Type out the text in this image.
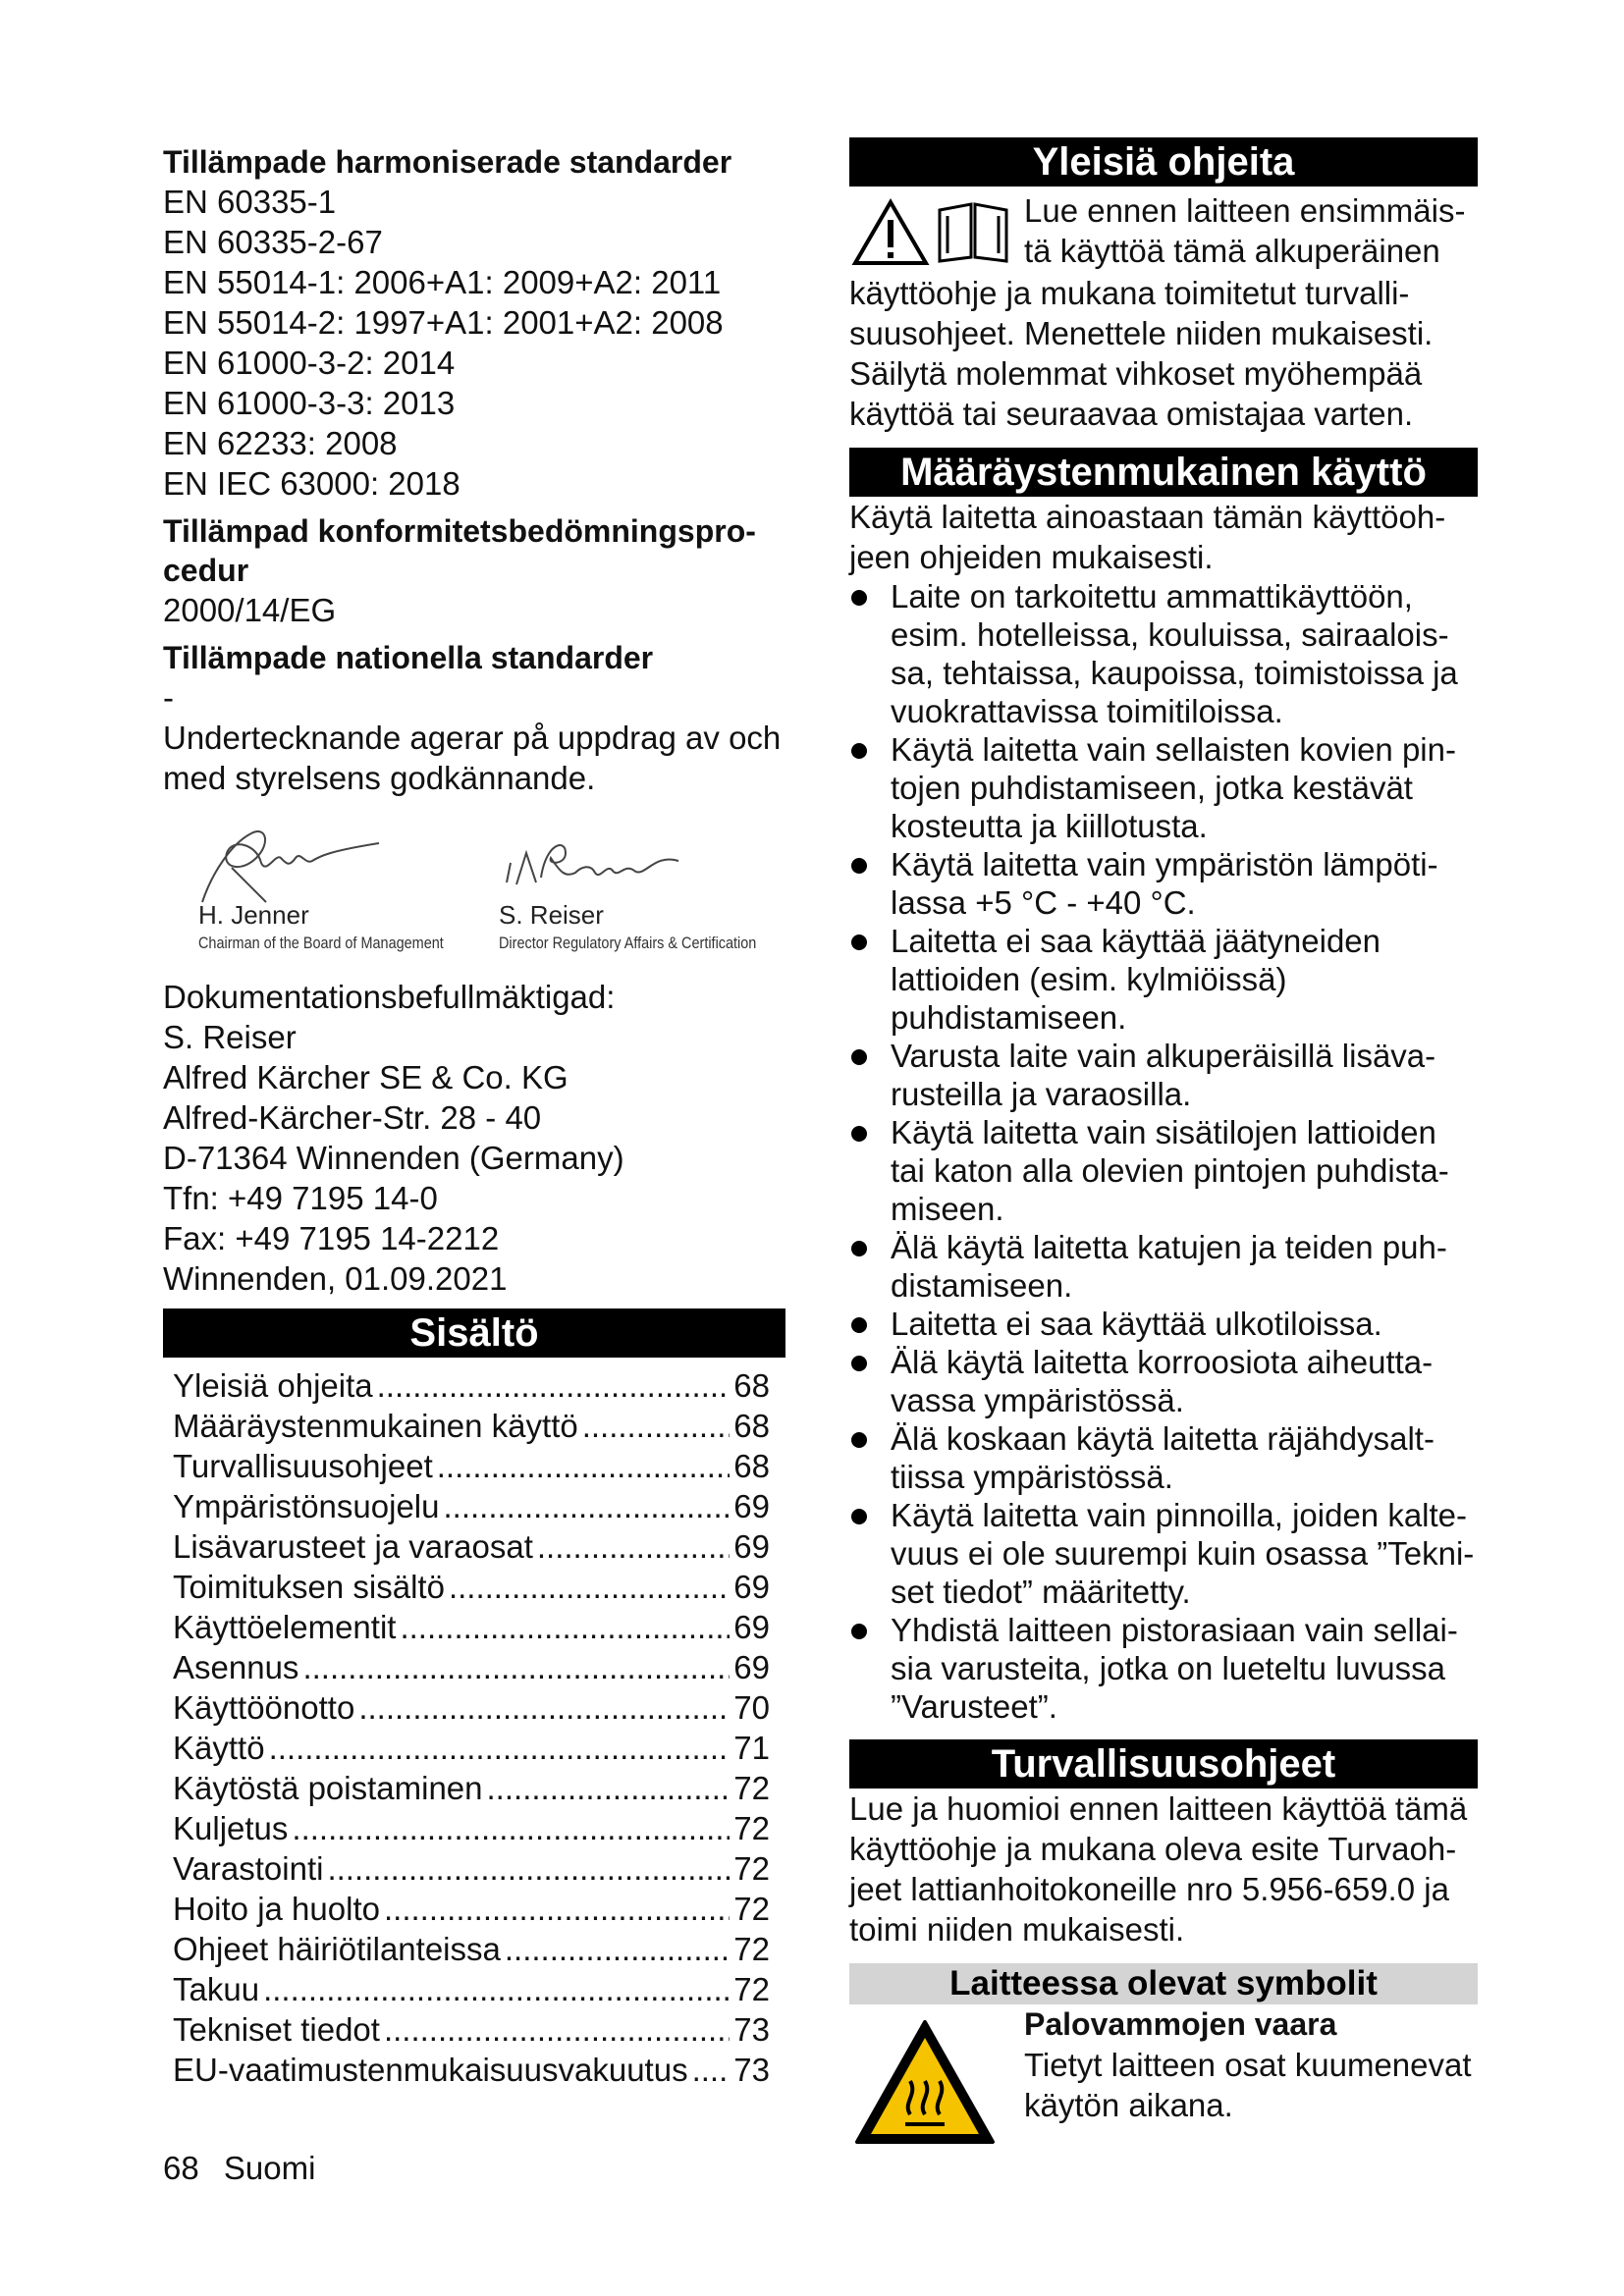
Tillämpade harmoniserade standarder
EN 60335-1
EN 60335-2-67
EN 55014-1: 2006+A1: 2009+A2: 2011
EN 55014-2: 1997+A1: 2001+A2: 2008
EN 61000-3-2: 2014
EN 61000-3-3: 2013
EN 62233: 2008
EN IEC 63000: 2018
Tillämpad konformitetsbedömningspro-cedur
2000/14/EG
Tillämpade nationella standarder
-
Undertecknande agerar på uppdrag av och med styrelsens godkännande.
H. Jenner
Chairman of the Board of Management
S. Reiser
Director Regulatory Affairs & Certification
Dokumentationsbefullmäktigad:
S. Reiser
Alfred Kärcher SE & Co. KG
Alfred-Kärcher-Str. 28 - 40
D-71364 Winnenden (Germany)
Tfn: +49 7195 14-0
Fax: +49 7195 14-2212
Winnenden, 01.09.2021
Sisältö
Yleisiä ohjeita .....	68
Määräystenmukainen käyttö .....	68
Turvallisuusohjeet .....	68
Ympäristönsuojelu .....	69
Lisävarusteet ja varaosat .....	69
Toimituksen sisältö .....	69
Käyttöelementit .....	69
Asennus .....	69
Käyttöönotto .....	70
Käyttö .....	71
Käytöstä poistaminen .....	72
Kuljetus .....	72
Varastointi .....	72
Hoito ja huolto .....	72
Ohjeet häiriötilanteissa .....	72
Takuu .....	72
Tekniset tiedot .....	73
EU-vaatimustenmukaisuusvakuutus ..... 73
Yleisiä ohjeita
Lue ennen laitteen ensimmäis-
tä käyttöä tämä alkuperäinen
käyttöohje ja mukana toimitetut turvalli-suusohjeet. Menettele niiden mukaisesti. Säilytä molemmat vihkoset myöhempää käyttöä tai seuraavaa omistajaa varten.
Määräystenmukainen käyttö
Käytä laitetta ainoastaan tämän käyttöoh-jeen ohjeiden mukaisesti.
Laite on tarkoitettu ammattikäyttöön, esim. hotelleissa, kouluissa, sairaalois-sa, tehtaissa, kaupoissa, toimistoissa ja vuokrattavissa toimitiloissa.
Käytä laitetta vain sellaisten kovien pin-tojen puhdistamiseen, jotka kestävät kosteutta ja kiillotusta.
Käytä laitetta vain ympäristön lämpöti-lassa +5 °C - +40 °C.
Laitetta ei saa käyttää jäätyneiden lattioiden (esim. kylmiöissä) puhdistamiseen.
Varusta laite vain alkuperäisillä lisäva-rusteilla ja varaosilla.
Käytä laitetta vain sisätilojen lattioiden tai katon alla olevien pintojen puhdista-miseen.
Älä käytä laitetta katujen ja teiden puh-distamiseen.
Laitetta ei saa käyttää ulkotiloissa.
Älä käytä laitetta korroosiota aiheutta-vassa ympäristössä.
Älä koskaan käytä laitetta räjähdysalt-tiissa ympäristössä.
Käytä laitetta vain pinnoilla, joiden kalte-vuus ei ole suurempi kuin osassa ”Tekni-set tiedot” määritetty.
Yhdistä laitteen pistorasiaan vain sellai-sia varusteita, jotka on lueteltu luvussa ”Varusteet”.
Turvallisuusohjeet
Lue ja huomioi ennen laitteen käyttöä tämä käyttöohje ja mukana oleva esite Turvaoh-jeet lattianhoitokoneille nro 5.956-659.0 ja toimi niiden mukaisesti.
Laitteessa olevat symbolit
Palovammojen vaara
Tietyt laitteen osat kuumenevat käytön aikana.
68 Suomi
